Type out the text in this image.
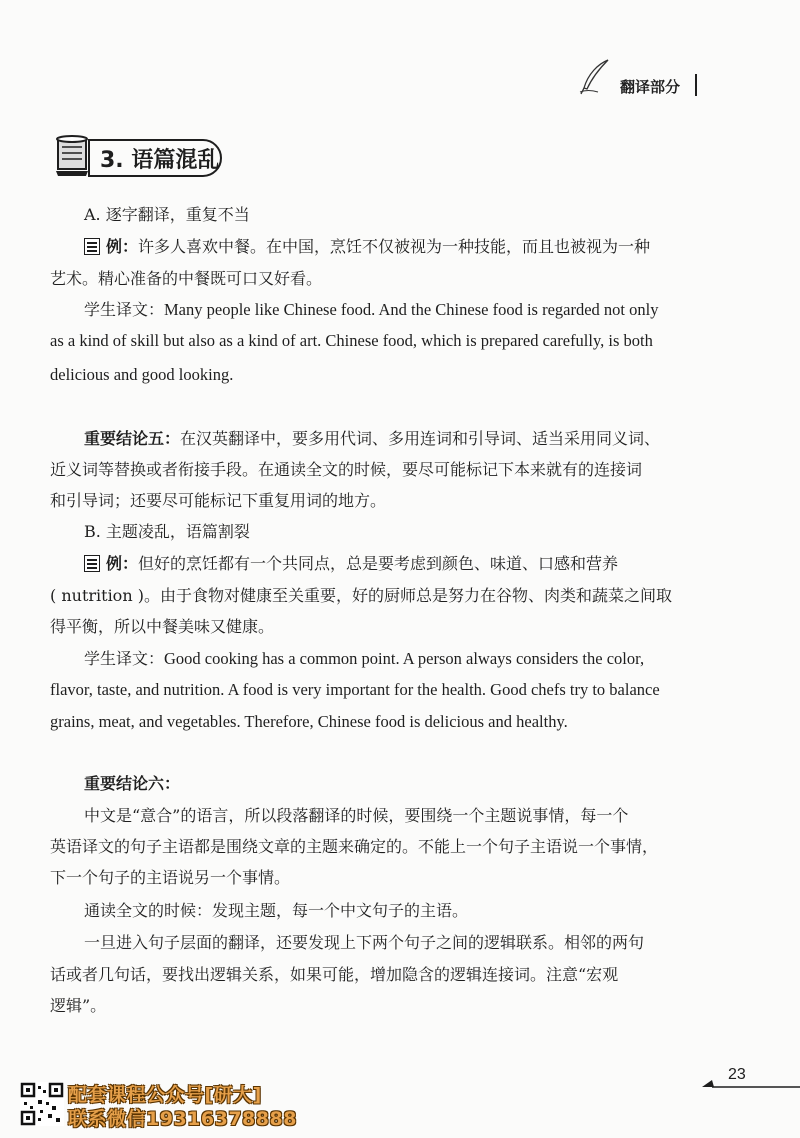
翻译部分
3. 语篇混乱
A. 逐字翻译，重复不当
例：许多人喜欢中餐。在中国，烹饪不仅被视为一种技能，而且也被视为一种
艺术。精心准备的中餐既可口又好看。
学生译文：Many people like Chinese food. And the Chinese food is regarded not only
as a kind of skill but also as a kind of art. Chinese food, which is prepared carefully, is both
delicious and good looking.
重要结论五：在汉英翻译中，要多用代词、多用连词和引导词、适当采用同义词、
近义词等替换或者衔接手段。在通读全文的时候，要尽可能标记下本来就有的连接词
和引导词；还要尽可能标记下重复用词的地方。
B. 主题凌乱，语篇割裂
例：但好的烹饪都有一个共同点，总是要考虑到颜色、味道、口感和营养
( nutrition )。由于食物对健康至关重要，好的厨师总是努力在谷物、肉类和蔬菜之间取
得平衡，所以中餐美味又健康。
学生译文：Good cooking has a common point. A person always considers the color,
flavor, taste, and nutrition. A food is very important for the health. Good chefs try to balance
grains, meat, and vegetables. Therefore, Chinese food is delicious and healthy.
重要结论六：
中文是“意合”的语言，所以段落翻译的时候，要围绕一个主题说事情，每一个
英语译文的句子主语都是围绕文章的主题来确定的。不能上一个句子主语说一个事情，
下一个句子的主语说另一个事情。
通读全文的时候：发现主题，每一个中文句子的主语。
一旦进入句子层面的翻译，还要发现上下两个句子之间的逻辑联系。相邻的两句
话或者几句话，要找出逻辑关系，如果可能，增加隐含的逻辑连接词。注意“宏观
逻辑”。
23
配套课程公众号[研大]
联系微信19316378888
